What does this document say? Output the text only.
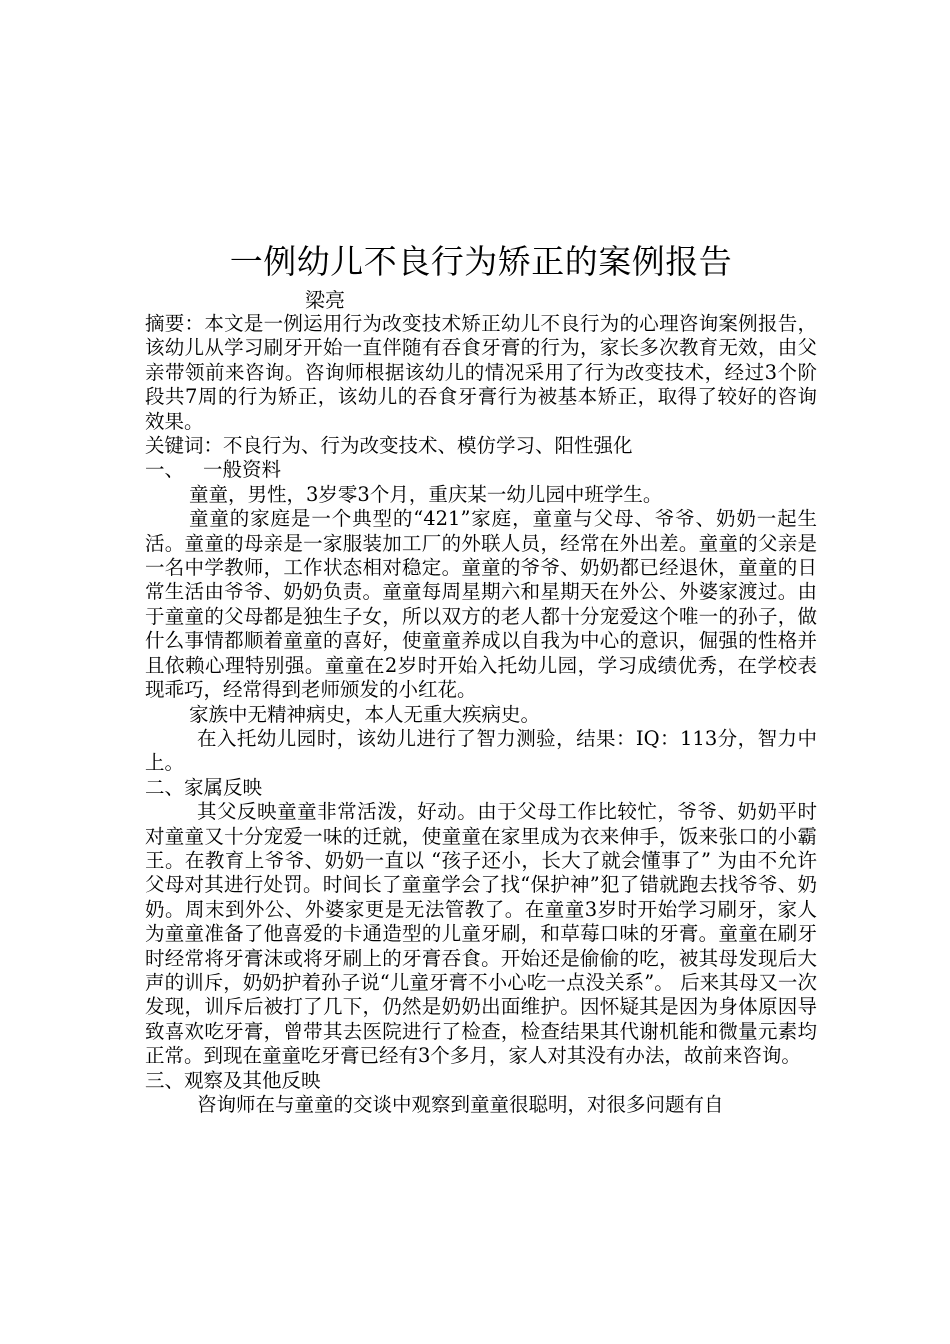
一例幼儿不良行为矫正的案例报告

梁亮

摘要：本文是一例运用行为改变技术矫正幼儿不良行为的心理咨询案例报告，该幼儿从学习刷牙开始一直伴随有吞食牙膏的行为，家长多次教育无效，由父亲带领前来咨询。咨询师根据该幼儿的情况采用了行为改变技术，经过3个阶段共7周的行为矫正，该幼儿的吞食牙膏行为被基本矫正，取得了较好的咨询效果。

关键词：不良行为、行为改变技术、模仿学习、阳性强化

一、 一般资料

童童，男性，3岁零3个月，重庆某一幼儿园中班学生。

童童的家庭是一个典型的“421”家庭，童童与父母、爷爷、奶奶一起生活。童童的母亲是一家服装加工厂的外联人员，经常在外出差。童童的父亲是一名中学教师，工作状态相对稳定。童童的爷爷、奶奶都已经退休，童童的日常生活由爷爷、奶奶负责。童童每周星期六和星期天在外公、外婆家渡过。由于童童的父母都是独生子女，所以双方的老人都十分宠爱这个唯一的孙子，做什么事情都顺着童童的喜好，使童童养成以自我为中心的意识，倔强的性格并且依赖心理特别强。童童在2岁时开始入托幼儿园，学习成绩优秀，在学校表现乖巧，经常得到老师颁发的小红花。

家族中无精神病史，本人无重大疾病史。

在入托幼儿园时，该幼儿进行了智力测验，结果：IQ：113分，智力中上。

二、家属反映

其父反映童童非常活泼，好动。由于父母工作比较忙，爷爷、奶奶平时对童童又十分宠爱一味的迁就，使童童在家里成为衣来伸手，饭来张口的小霸王。在教育上爷爷、奶奶一直以 “孩子还小，长大了就会懂事了” 为由不允许父母对其进行处罚。时间长了童童学会了找“保护神”犯了错就跑去找爷爷、奶奶。周末到外公、外婆家更是无法管教了。在童童3岁时开始学习刷牙，家人为童童准备了他喜爱的卡通造型的儿童牙刷，和草莓口味的牙膏。童童在刷牙时经常将牙膏沫或将牙刷上的牙膏吞食。开始还是偷偷的吃，被其母发现后大声的训斥，奶奶护着孙子说“儿童牙膏不小心吃一点没关系”。 后来其母又一次发现，训斥后被打了几下，仍然是奶奶出面维护。因怀疑其是因为身体原因导致喜欢吃牙膏，曾带其去医院进行了检查，检查结果其代谢机能和微量元素均正常。到现在童童吃牙膏已经有3个多月，家人对其没有办法，故前来咨询。

三、观察及其他反映

咨询师在与童童的交谈中观察到童童很聪明，对很多问题有自
